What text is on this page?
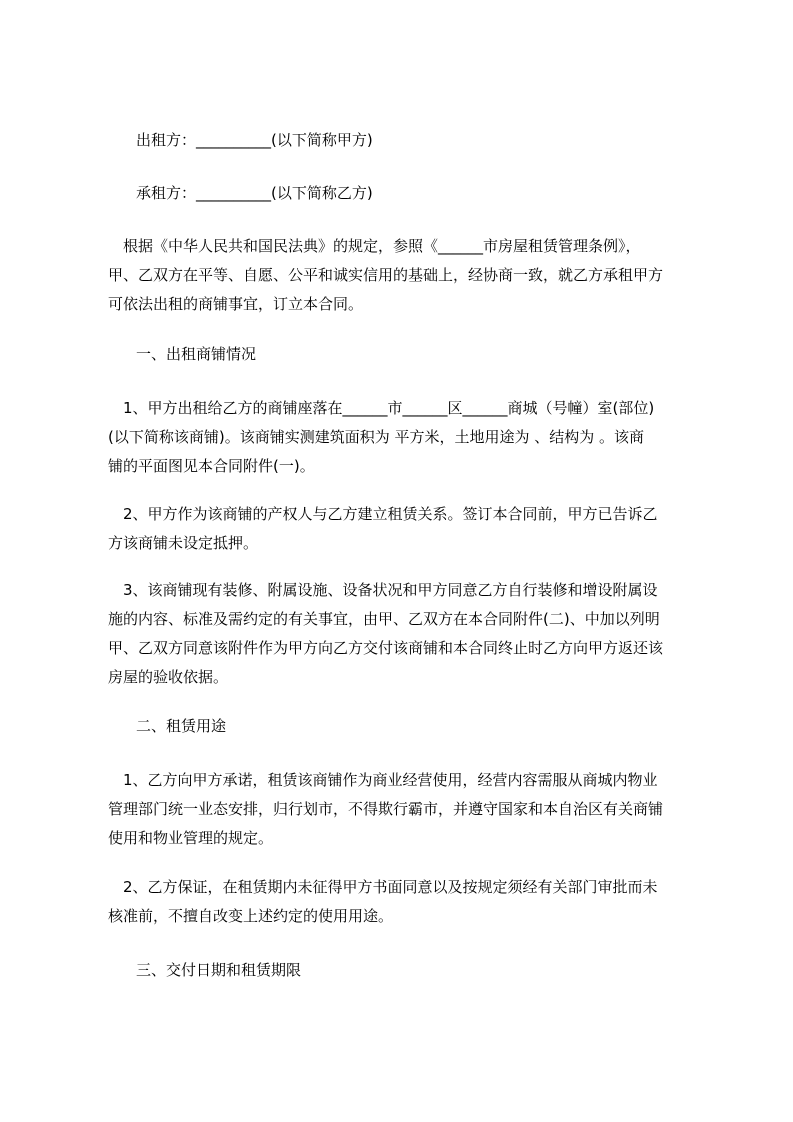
出租方：__________(以下简称甲方)
承租方：__________(以下简称乙方)
　根据《中华人民共和国民法典》的规定，参照《______市房屋租赁管理条例》，
甲、乙双方在平等、自愿、公平和诚实信用的基础上，经协商一致，就乙方承租甲方
可依法出租的商铺事宜，订立本合同。
一、出租商铺情况
　1、甲方出租给乙方的商铺座落在______市______区______商城（号幢）室(部位)
(以下简称该商铺)。该商铺实测建筑面积为 平方米，土地用途为 、结构为 。该商
铺的平面图见本合同附件(一)。
　2、甲方作为该商铺的产权人与乙方建立租赁关系。签订本合同前，甲方已告诉乙
方该商铺未设定抵押。
　3、该商铺现有装修、附属设施、设备状况和甲方同意乙方自行装修和增设附属设
施的内容、标准及需约定的有关事宜，由甲、乙双方在本合同附件(二)、中加以列明
甲、乙双方同意该附件作为甲方向乙方交付该商铺和本合同终止时乙方向甲方返还该
房屋的验收依据。
二、租赁用途
　1、乙方向甲方承诺，租赁该商铺作为商业经营使用，经营内容需服从商城内物业
管理部门统一业态安排，归行划市，不得欺行霸市，并遵守国家和本自治区有关商铺
使用和物业管理的规定。
　2、乙方保证，在租赁期内未征得甲方书面同意以及按规定须经有关部门审批而未
核准前，不擅自改变上述约定的使用用途。
三、交付日期和租赁期限
